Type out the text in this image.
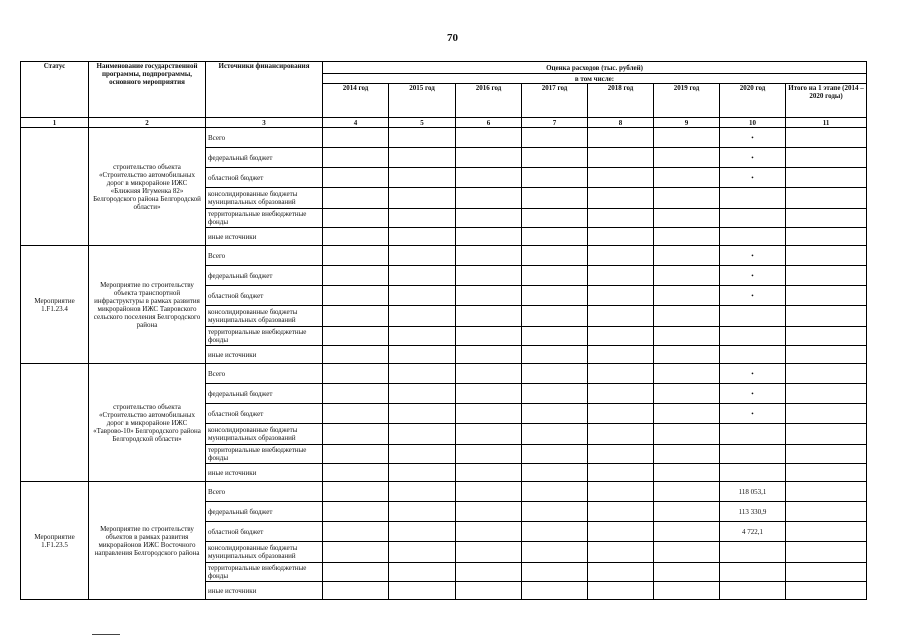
70
Статус	Наименование государственной программы, подпрограммы, основного мероприятия	Источники финансирования	Оценка расходов (тыс. рублей)							
			в том числе:							
			2014 год	2015 год	2016 год	2017 год	2018 год	2019 год	2020 год	Итого на 1 этапе (2014 – 2020 годы)
1	2	3	4	5	6	7	8	9	10	11
	строительство объекта «Строительство автомобильных дорог в микрорайоне ИЖС «Ближняя Игуменка 82» Белгородского района Белгородской области»	Всего							•	
		федеральный бюджет							•	
		областной бюджет							•	
		консолидированные бюджеты муниципальных образований								
		территориальные внебюджетные фонды								
		иные источники								
Мероприятие 1.F1.23.4	Мероприятие по строительству объекта транспортной инфраструктуры в рамках развития микрорайонов ИЖС Тавровского сельского поселения Белгородского района	Всего							•	
		федеральный бюджет							•	
		областной бюджет							•	
		консолидированные бюджеты муниципальных образований								
		территориальные внебюджетные фонды								
		иные источники								
	строительство объекта «Строительство автомобильных дорог в микрорайоне ИЖС «Таврово-10» Белгородского района Белгородской области»	Всего							•	
		федеральный бюджет							•	
		областной бюджет							•	
		консолидированные бюджеты муниципальных образований								
		территориальные внебюджетные фонды								
		иные источники								
Мероприятие 1.F1.23.5	Мероприятие по строительству объектов в рамках развития микрорайонов ИЖС Восточного направления Белгородского района	Всего							118 053,1	
		федеральный бюджет							113 330,9	
		областной бюджет							4 722,1	
		консолидированные бюджеты муниципальных образований								
		территориальные внебюджетные фонды								
		иные источники								
